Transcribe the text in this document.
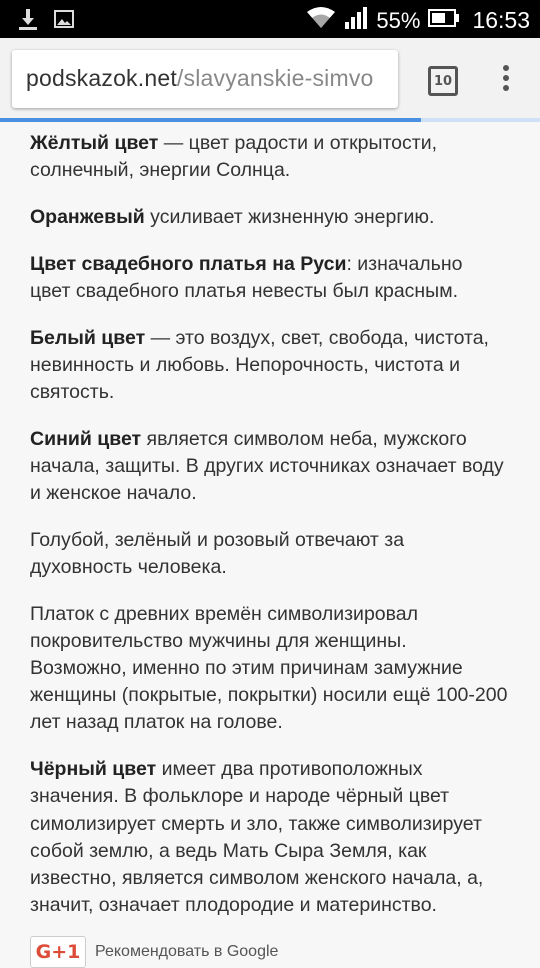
55% 16:53
podskazok.net/slavyanskie-simvo	10

Жёлтый цвет — цвет радости и открытости, солнечный, энергии Солнца.

Оранжевый усиливает жизненную энергию.

Цвет свадебного платья на Руси: изначально цвет свадебного платья невесты был красным.

Белый цвет — это воздух, свет, свобода, чистота, невинность и любовь. Непорочность, чистота и святость.

Синий цвет является символом неба, мужского начала, защиты. В других источниках означает воду и женское начало.

Голубой, зелёный и розовый отвечают за духовность человека.

Платок с древних времён символизировал покровительство мужчины для женщины. Возможно, именно по этим причинам замужние женщины (покрытые, покрытки) носили ещё 100-200 лет назад платок на голове.

Чёрный цвет имеет два противоположных значения. В фольклоре и народе чёрный цвет симолизирует смерть и зло, также символизирует собой землю, а ведь Мать Сыра Земля, как известно, является символом женского начала, а, значит, означает плодородие и материнство.

G+1 Рекомендовать в Google
